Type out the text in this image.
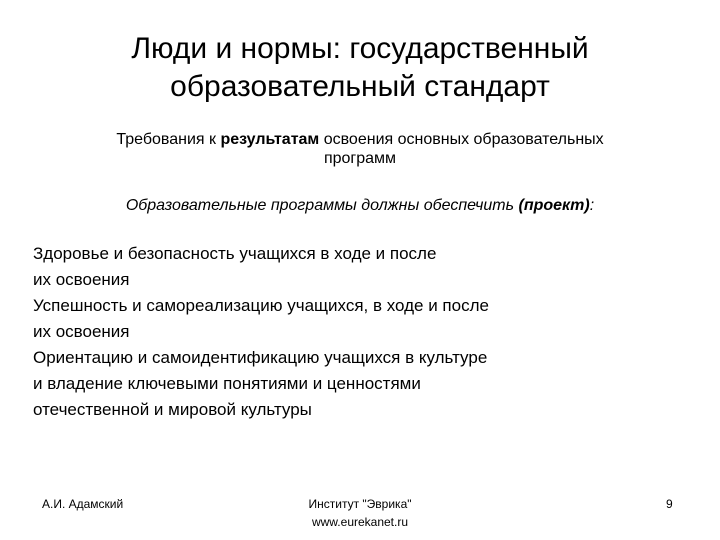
Люди и нормы: государственный
образовательный стандарт
Требования к результатам освоения основных образовательных
программ
Образовательные программы должны обеспечить (проект):
Здоровье и безопасность учащихся в ходе и после
их освоения
Успешность и самореализацию учащихся, в ходе и после
их освоения
Ориентацию и самоидентификацию учащихся в культуре
и владение ключевыми понятиями и ценностями
отечественной и мировой культуры
А.И. Адамский	Институт "Эврика"
www.eurekanet.ru
9
